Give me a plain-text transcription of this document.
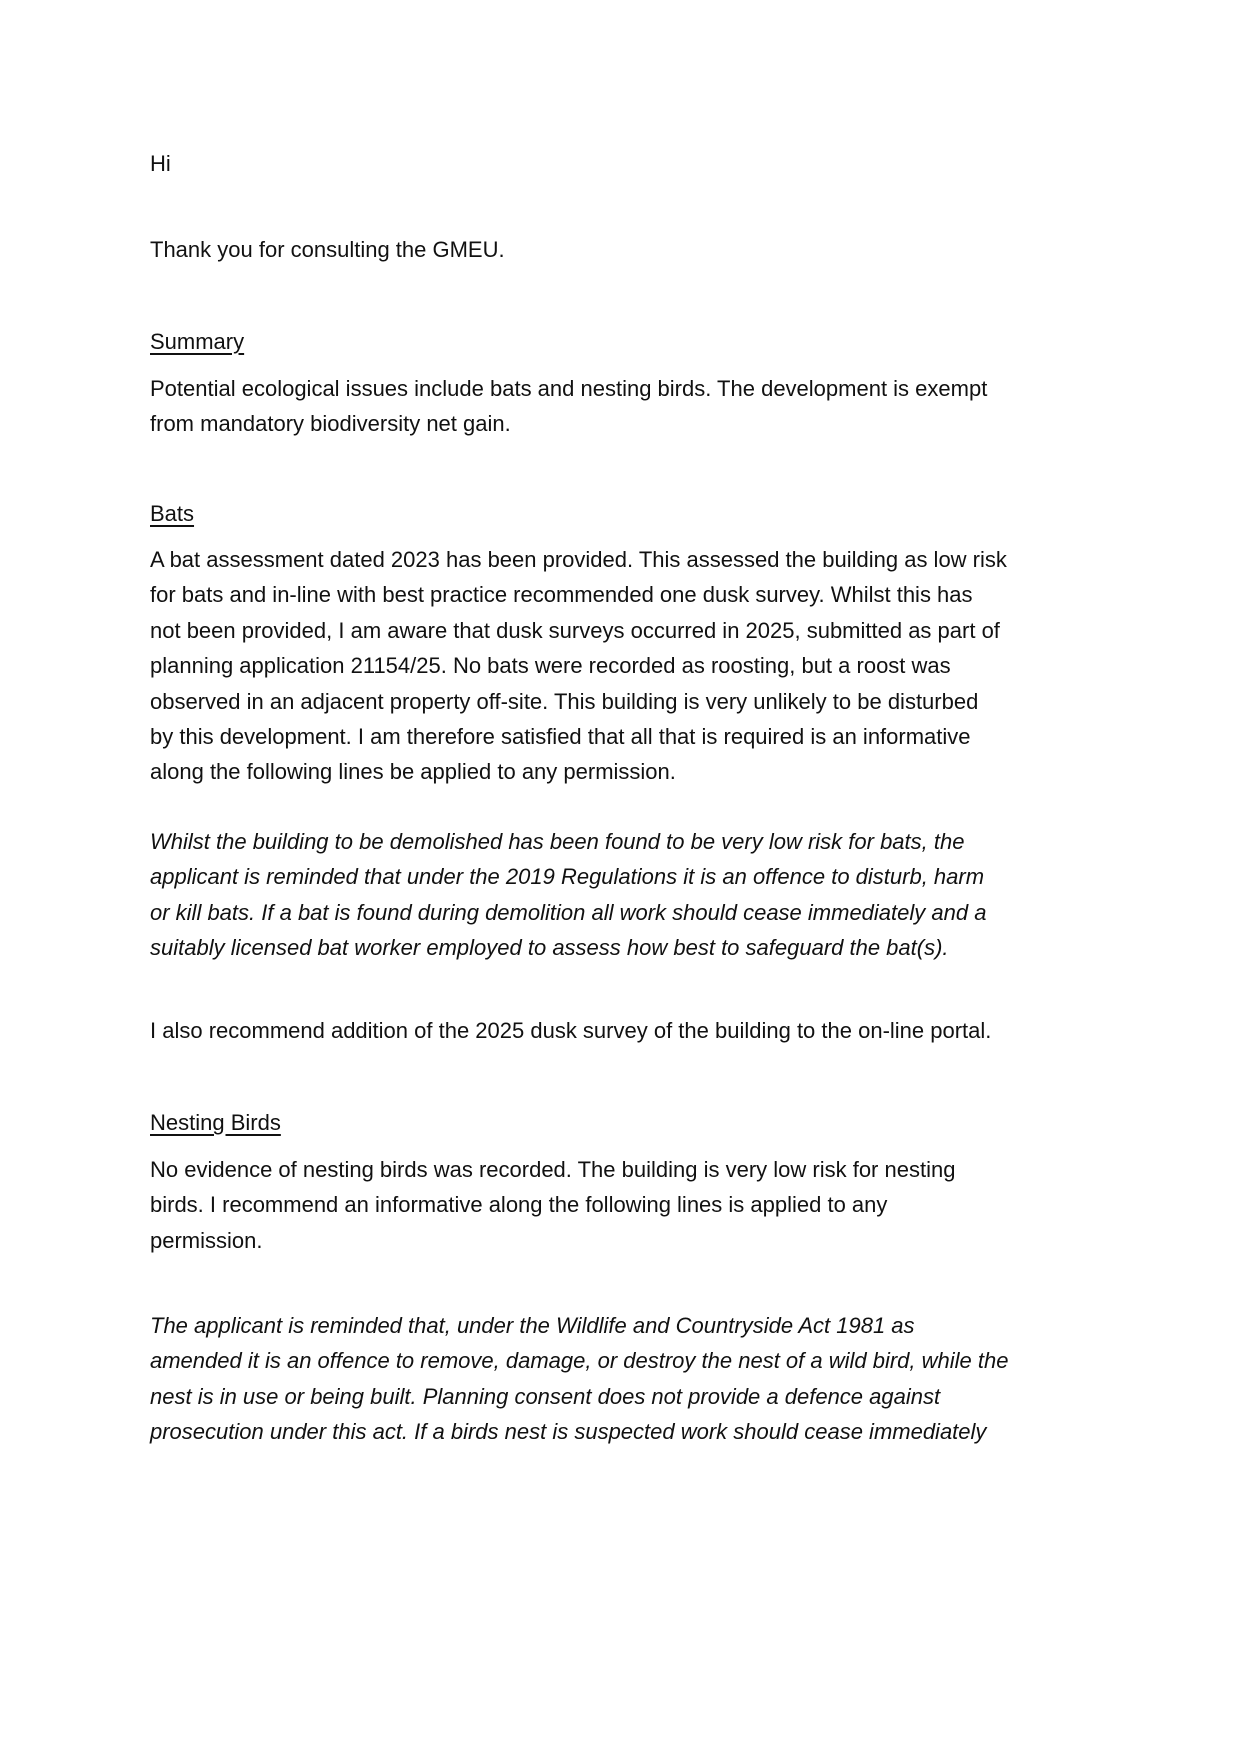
Hi

Thank you for consulting the GMEU.

Summary

Potential ecological issues include bats and nesting birds. The development is exempt
from mandatory biodiversity net gain.

Bats

A bat assessment dated 2023 has been provided. This assessed the building as low risk
for bats and in-line with best practice recommended one dusk survey. Whilst this has
not been provided, I am aware that dusk surveys occurred in 2025, submitted as part of
planning application 21154/25. No bats were recorded as roosting, but a roost was
observed in an adjacent property off-site. This building is very unlikely to be disturbed
by this development. I am therefore satisfied that all that is required is an informative
along the following lines be applied to any permission.

Whilst the building to be demolished has been found to be very low risk for bats, the
applicant is reminded that under the 2019 Regulations it is an offence to disturb, harm
or kill bats. If a bat is found during demolition all work should cease immediately and a
suitably licensed bat worker employed to assess how best to safeguard the bat(s).

I also recommend addition of the 2025 dusk survey of the building to the on-line portal.

Nesting Birds

No evidence of nesting birds was recorded. The building is very low risk for nesting
birds. I recommend an informative along the following lines is applied to any
permission.

The applicant is reminded that, under the Wildlife and Countryside Act 1981 as
amended it is an offence to remove, damage, or destroy the nest of a wild bird, while the
nest is in use or being built. Planning consent does not provide a defence against
prosecution under this act. If a birds nest is suspected work should cease immediately
